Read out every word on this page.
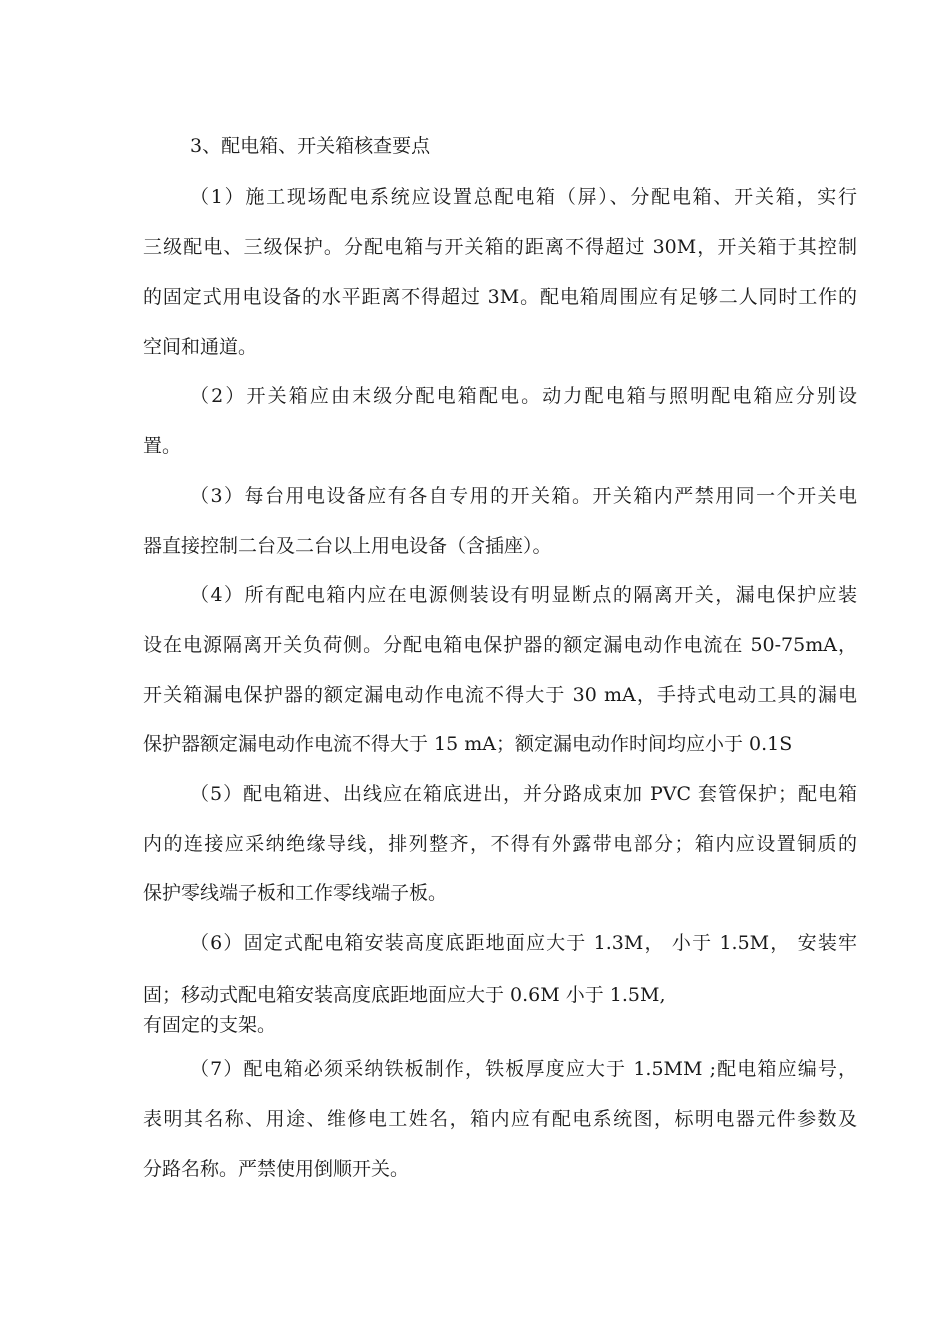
3、配电箱、开关箱核查要点

（1）施工现场配电系统应设置总配电箱（屏）、分配电箱、开关箱，实行

三级配电、三级保护。分配电箱与开关箱的距离不得超过 30M，开关箱于其控制

的固定式用电设备的水平距离不得超过 3M。配电箱周围应有足够二人同时工作的

空间和通道。

（2）开关箱应由末级分配电箱配电。动力配电箱与照明配电箱应分别设

置。

（3）每台用电设备应有各自专用的开关箱。开关箱内严禁用同一个开关电

器直接控制二台及二台以上用电设备（含插座）。

（4）所有配电箱内应在电源侧装设有明显断点的隔离开关，漏电保护应装

设在电源隔离开关负荷侧。分配电箱电保护器的额定漏电动作电流在 50-75mA，

开关箱漏电保护器的额定漏电动作电流不得大于 30 mA，手持式电动工具的漏电

保护器额定漏电动作电流不得大于 15 mA；额定漏电动作时间均应小于 0.1S

（5）配电箱进、出线应在箱底进出，并分路成束加 PVC 套管保护；配电箱

内的连接应采纳绝缘导线，排列整齐，不得有外露带电部分；箱内应设置铜质的

保护零线端子板和工作零线端子板。

（6）固定式配电箱安装高度底距地面应大于 1.3M， 小于 1.5M， 安装牢

固；移动式配电箱安装高度底距地面应大于 0.6M 小于 1.5M,

有固定的支架。

（7）配电箱必须采纳铁板制作，铁板厚度应大于 1.5MM ;配电箱应编号，

表明其名称、用途、维修电工姓名，箱内应有配电系统图，标明电器元件参数及

分路名称。严禁使用倒顺开关。
